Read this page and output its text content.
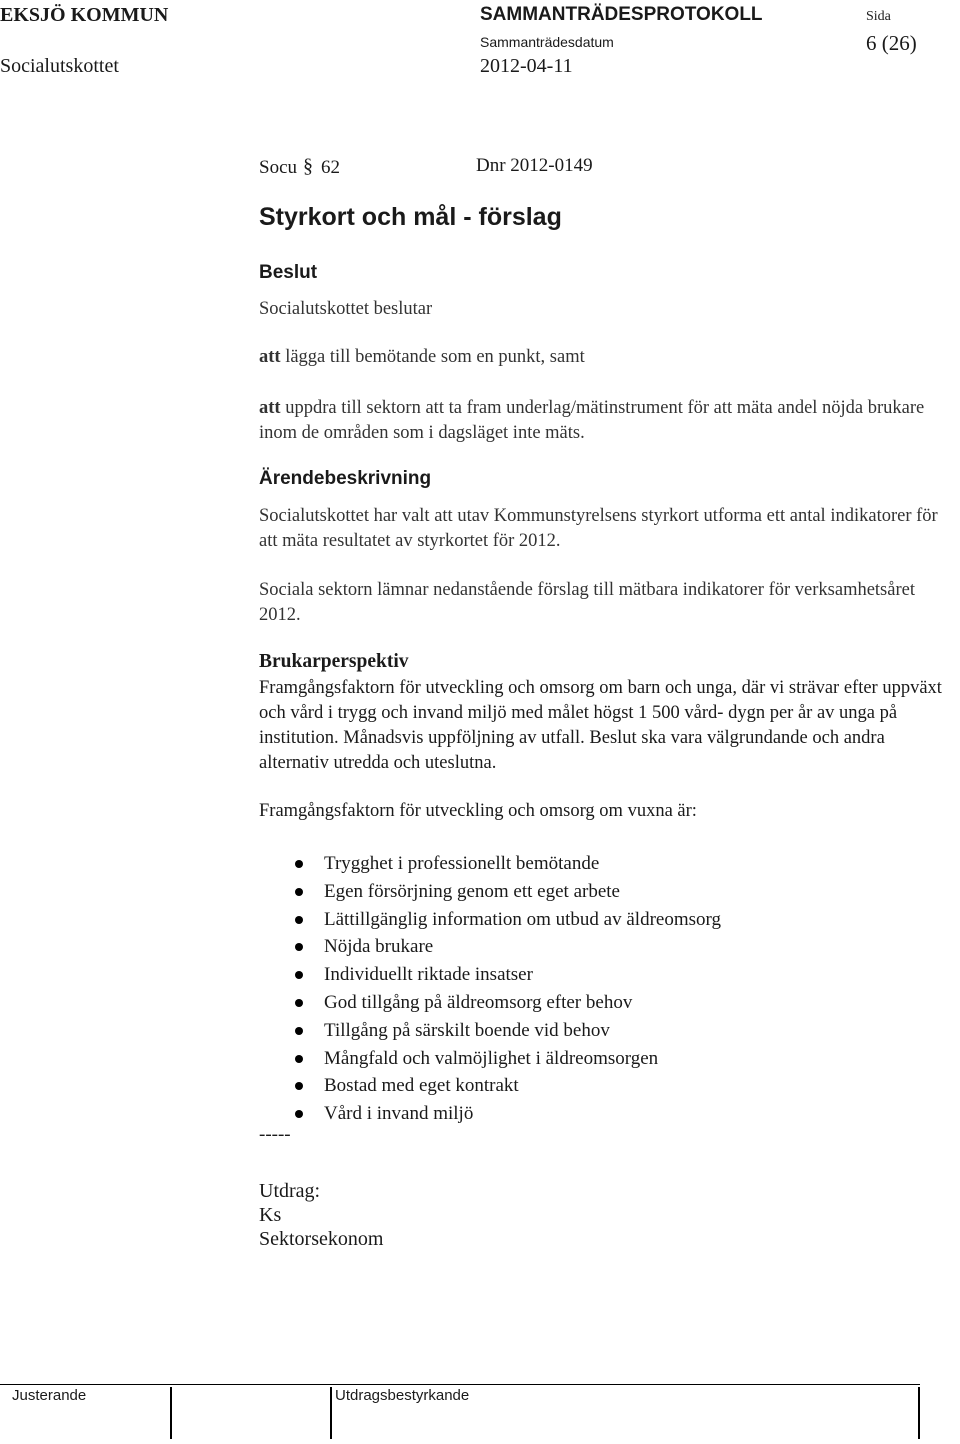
EKSJÖ KOMMUN	SAMMANTRÄDESPROTOKOLL	Sida
Socialutskottet
Sammanträdesdatum
2012-04-11
6 (26)
Socu § 62	Dnr 2012-0149
Styrkort och mål - förslag
Beslut
Socialutskottet beslutar
att lägga till bemötande som en punkt, samt
att uppdra till sektorn att ta fram underlag/mätinstrument för att mäta andel nöjda brukare inom de områden som i dagsläget inte mäts.
Ärendebeskrivning
Socialutskottet har valt att utav Kommunstyrelsens styrkort utforma ett antal indikatorer för att mäta resultatet av styrkortet för 2012.
Sociala sektorn lämnar nedanstående förslag till mätbara indikatorer för verksamhetsåret 2012.
Brukarperspektiv
Framgångsfaktorn för utveckling och omsorg om barn och unga, där vi strävar efter uppväxt och vård i trygg och invand miljö med målet högst 1 500 vård- dygn per år av unga på institution. Månadsvis uppföljning av utfall. Beslut ska vara välgrundande och andra alternativ utredda och uteslutna.
Framgångsfaktorn för utveckling och omsorg om vuxna är:
Trygghet i professionellt bemötande
Egen försörjning genom ett eget arbete
Lättillgänglig information om utbud av äldreomsorg
Nöjda brukare
Individuellt riktade insatser
God tillgång på äldreomsorg efter behov
Tillgång på särskilt boende vid behov
Mångfald och valmöjlighet i äldreomsorgen
Bostad med eget kontrakt
Vård i invand miljö
-----
Utdrag:
Ks
Sektorsekonom
Justerande	Utdragsbestyrkande
